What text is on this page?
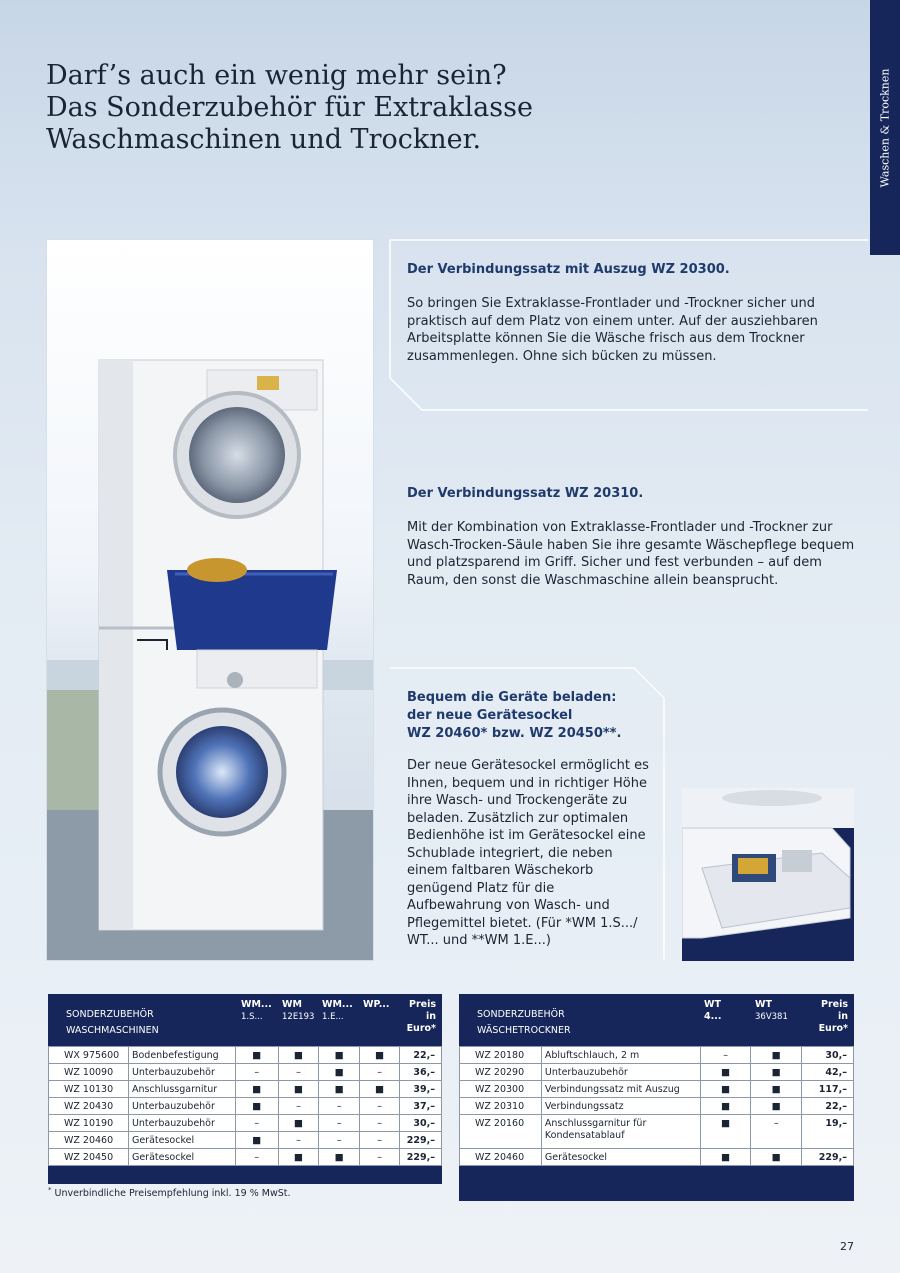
Darf’s auch ein wenig mehr sein?
Das Sonderzubehör für Extraklasse
Waschmaschinen und Trockner.	Waschen & Trocknen
Der Verbindungssatz mit Auszug WZ 20300.

So bringen Sie Extraklasse-Frontlader und -Trockner sicher und praktisch auf dem Platz von einem unter. Auf der ausziehbaren Arbeitsplatte können Sie die Wäsche frisch aus dem Trockner zusammenlegen. Ohne sich bücken zu müssen.

Der Verbindungssatz WZ 20310.

Mit der Kombination von Extraklasse-Frontlader und -Trockner zur Wasch-Trocken-Säule haben Sie ihre gesamte Wäschepflege bequem und platzsparend im Griff. Sicher und fest verbunden – auf dem Raum, den sonst die Waschmaschine allein beansprucht.

Bequem die Geräte beladen:
der neue Gerätesockel
WZ 20460* bzw. WZ 20450**.

Der neue Gerätesockel ermöglicht es Ihnen, bequem und in richtiger Höhe ihre Wasch- und Trockengeräte zu beladen. Zusätzlich zur optimalen Bedienhöhe ist im Gerätesockel eine Schublade integriert, die neben einem faltbaren Wäschekorb genügend Platz für die Aufbewahrung von Wasch- und Pflegemittel bietet. (Für *WM 1.S.../ WT... und **WM 1.E...)

SONDERZUBEHÖR
WASCHMASCHINEN
WM...
1.S...
WM
12E193
WM...
1.E...
WP... Preis
in
Euro*
WX 975600	Bodenbefestigung	■	■	■	■	22,–
WZ 10090	Unterbauzubehör	–	–	■	–	36,–
WZ 10130	Anschlussgarnitur	■	■	■	■	39,–
WZ 20430	Unterbauzubehör	■	–	–	–	37,–
WZ 10190	Unterbauzubehör	–	■	–	–	30,–
WZ 20460	Gerätesockel	■	–	–	–	229,–
WZ 20450	Gerätesockel	–	■	■	–	229,–
SONDERZUBEHÖR
WÄSCHETROCKNER
WT
4...
WT
36V381
Preis
in
Euro*
WZ 20180	Abluftschlauch, 2 m	–	■	30,–
WZ 20290	Unterbauzubehör	■	■	42,–
WZ 20300	Verbindungssatz mit Auszug	■	■	117,–
WZ 20310	Verbindungssatz	■	■	22,–
WZ 20160	Anschlussgarnitur für
Kondensatablauf	■	–	19,–
WZ 20460	Gerätesockel	■	■	229,–
* Unverbindliche Preisempfehlung inkl. 19 % MwSt.
27
